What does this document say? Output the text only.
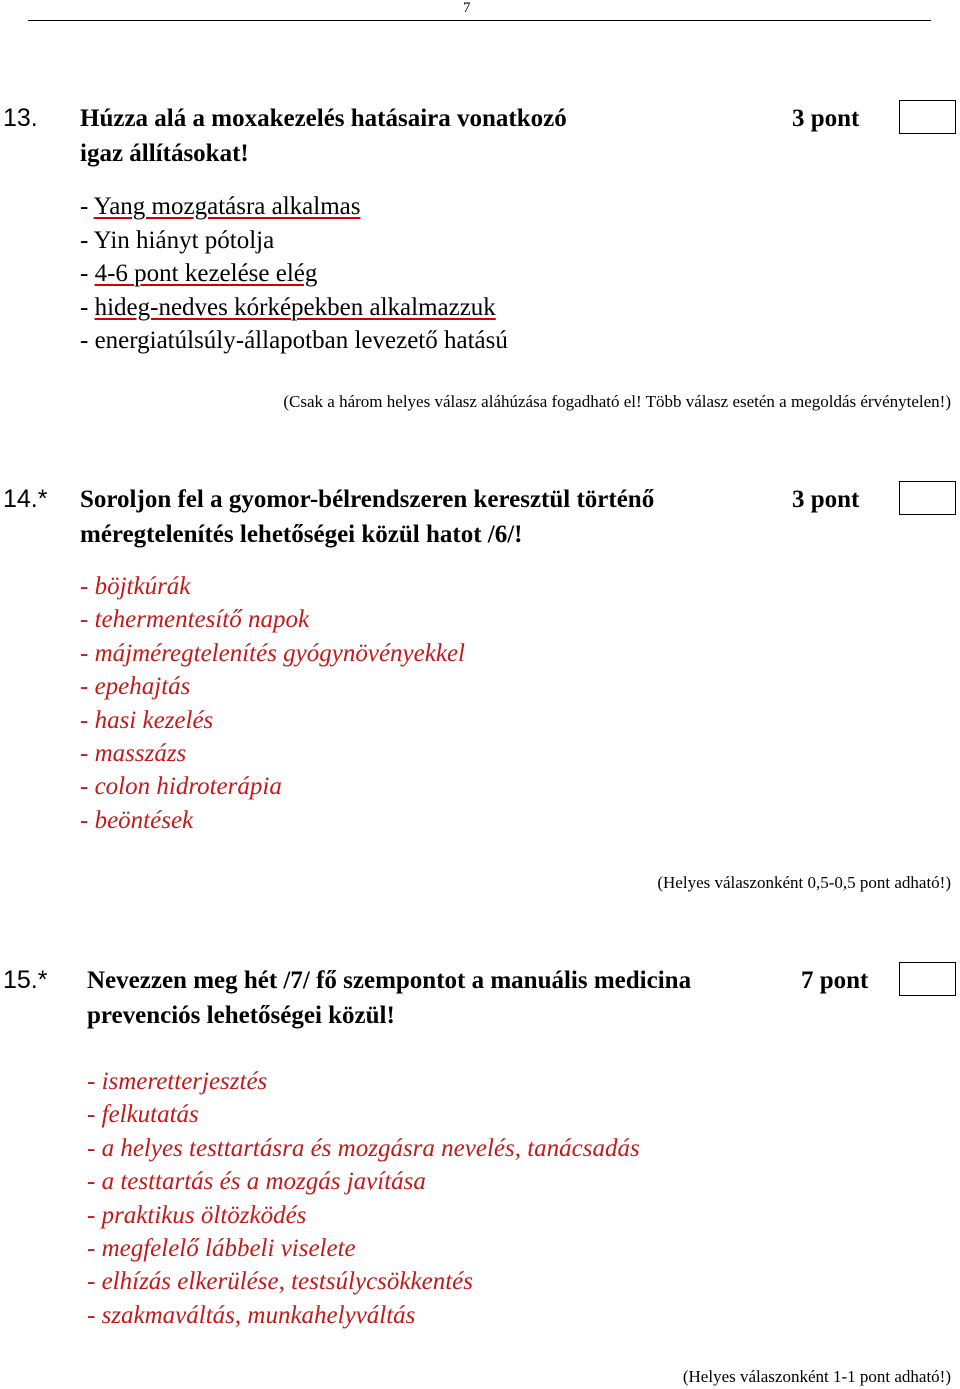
7
13. Húzza alá a moxakezelés hatásaira vonatkozó
igaz állításokat!
3 pont
- Yang mozgatásra alkalmas
- Yin hiányt pótolja
- 4-6 pont kezelése elég
- hideg-nedves kórképekben alkalmazzuk
- energiatúlsúly-állapotban levezető hatású
(Csak a három helyes válasz aláhúzása fogadható el! Több válasz esetén a megoldás érvénytelen!)
14.* Soroljon fel a gyomor-bélrendszeren keresztül történő
méregtelenítés lehetőségei közül hatot /6/!
3 pont
- böjtkúrák
- tehermentesítő napok
- májméregtelenítés gyógynövényekkel
- epehajtás
- hasi kezelés
- masszázs
- colon hidroterápia
- beöntések
(Helyes válaszonként 0,5-0,5 pont adható!)
15.* Nevezzen meg hét /7/ fő szempontot a manuális medicina
prevenciós lehetőségei közül!
7 pont
- ismeretterjesztés
- felkutatás
- a helyes testtartásra és mozgásra nevelés, tanácsadás
- a testtartás és a mozgás javítása
- praktikus öltözködés
- megfelelő lábbeli viselete
- elhízás elkerülése, testsúlycsökkentés
- szakmaváltás, munkahelyváltás
(Helyes válaszonként 1-1 pont adható!)
